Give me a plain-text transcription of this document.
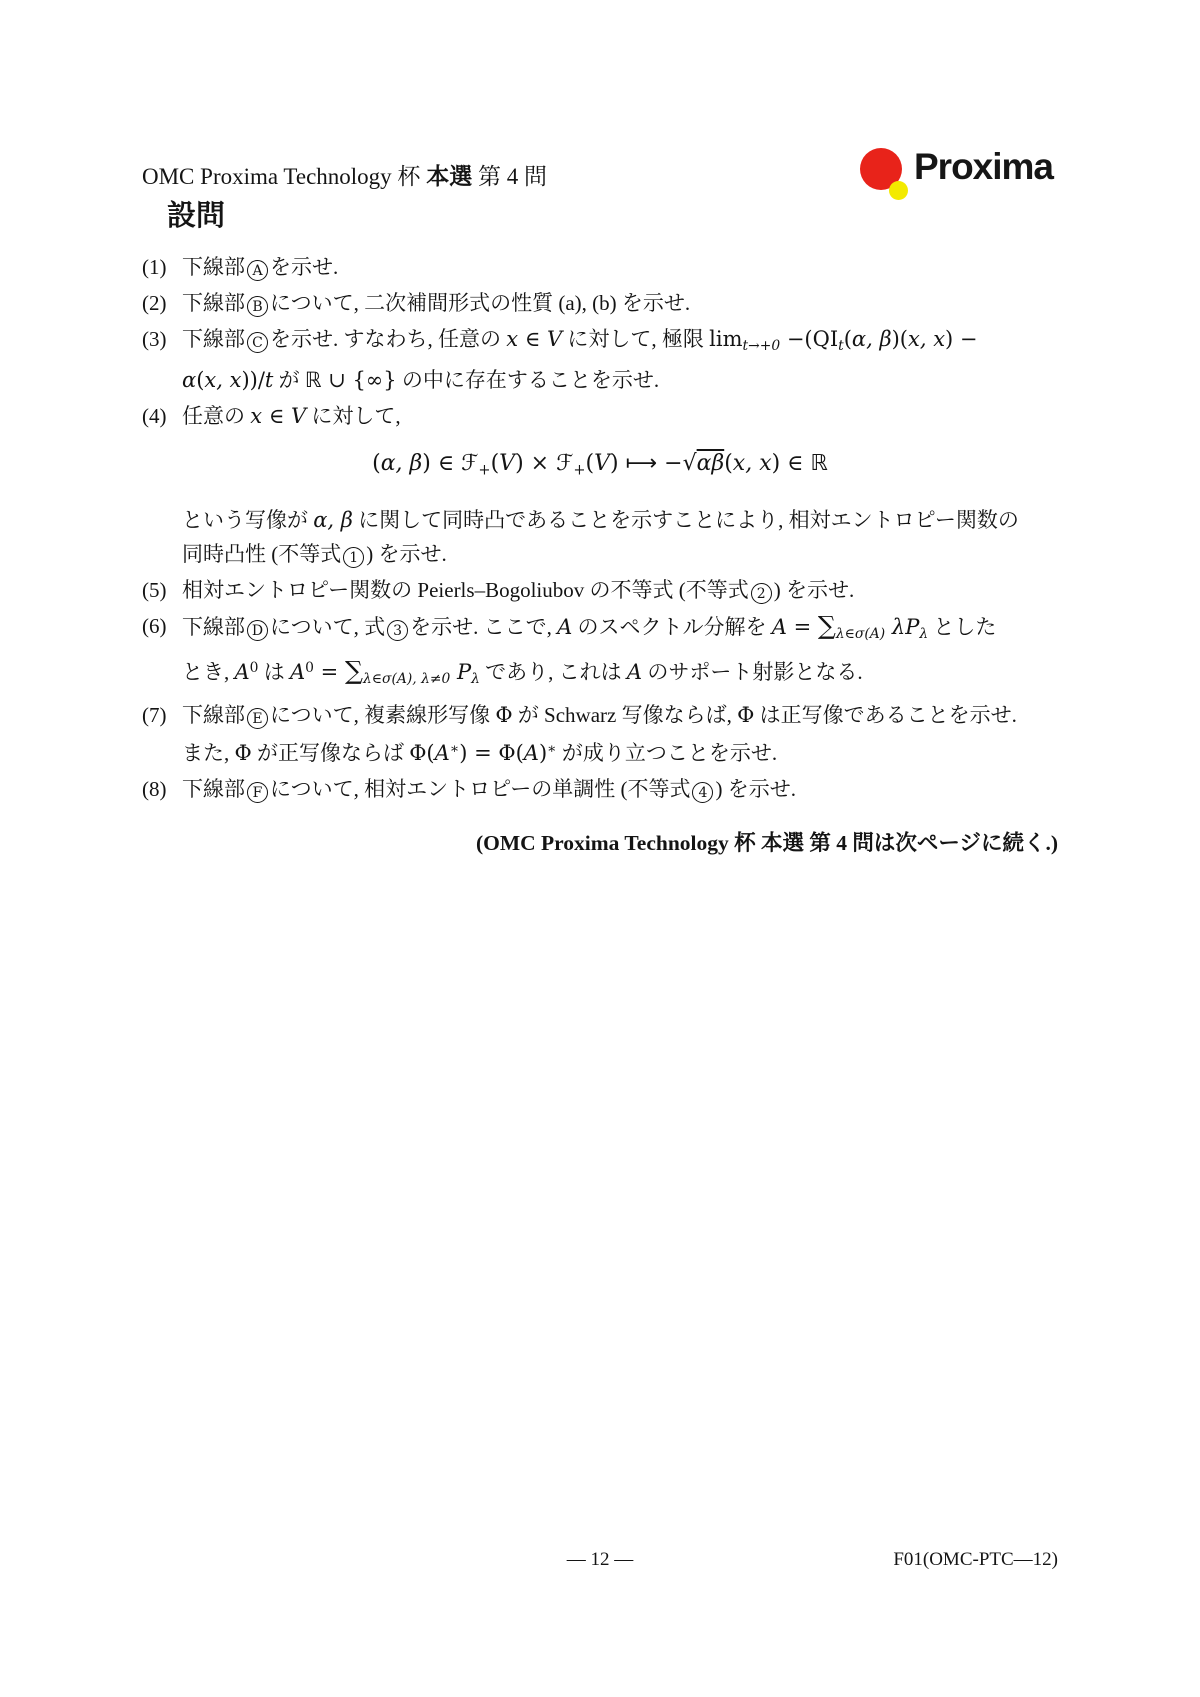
OMC Proxima Technology 杯 本選 第 4 問	Proxima
設問
(1) 下線部 A を示せ.
(2) 下線部 B について, 二次補間形式の性質 (a), (b) を示せ.
(3) 下線部 C を示せ. すなわち, 任意の x ∈ V に対して, 極限 limt→+0 −(QIt(α, β)(x, x) −
α(x, x))/t が ℝ ∪ {∞} の中に存在することを示せ.
(4) 任意の x ∈ V に対して,
(α, β) ∈ ℱ+(V) × ℱ+(V) ⟼ −√αβ(x, x) ∈ ℝ
という写像が α, β に関して同時凸であることを示すことにより, 相対エントロピー関数の
同時凸性 (不等式 1 ) を示せ.
(5) 相対エントロピー関数の Peierls–Bogoliubov の不等式 (不等式 2 ) を示せ.
(6) 下線部 D について, 式 3 を示せ. ここで, A のスペクトル分解を A = ∑λ∈σ(A) λPλ とした
とき, $A^0$ は $A^0$ = ∑λ∈σ(A), λ≠0 Pλ であり, これは A のサポート射影となる.
(7) 下線部 E について, 複素線形写像 Φ が Schwarz 写像ならば, Φ は正写像であることを示せ.
また, Φ が正写像ならば Φ(A∗) = Φ(A)∗ が成り立つことを示せ.
(8) 下線部 F について, 相対エントロピーの単調性 (不等式 4 ) を示せ.
(OMC Proxima Technology 杯 本選 第 4 問は次ページに続く.)
— 12 —	F01(OMC-PTC—12)
